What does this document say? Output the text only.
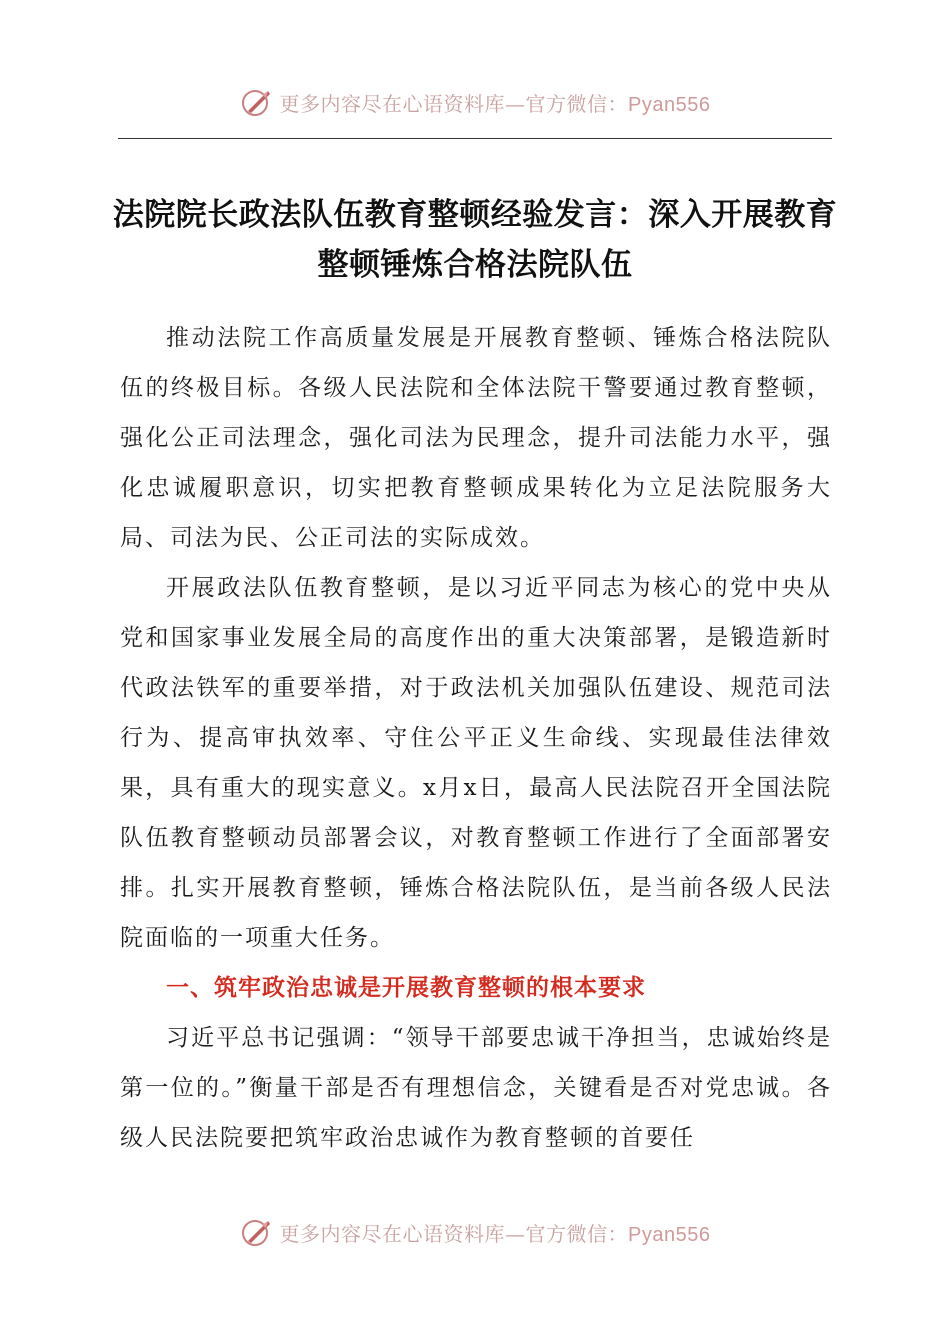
更多内容尽在心语资料库—官方微信：Pyan556
法院院长政法队伍教育整顿经验发言：深入开展教育整顿锤炼合格法院队伍

推动法院工作高质量发展是开展教育整顿、锤炼合格法院队伍的终极目标。各级人民法院和全体法院干警要通过教育整顿，强化公正司法理念，强化司法为民理念，提升司法能力水平，强化忠诚履职意识，切实把教育整顿成果转化为立足法院服务大局、司法为民、公正司法的实际成效。

开展政法队伍教育整顿，是以习近平同志为核心的党中央从党和国家事业发展全局的高度作出的重大决策部署，是锻造新时代政法铁军的重要举措，对于政法机关加强队伍建设、规范司法行为、提高审执效率、守住公平正义生命线、实现最佳法律效果，具有重大的现实意义。x月x日，最高人民法院召开全国法院队伍教育整顿动员部署会议，对教育整顿工作进行了全面部署安排。扎实开展教育整顿，锤炼合格法院队伍，是当前各级人民法院面临的一项重大任务。

一、筑牢政治忠诚是开展教育整顿的根本要求

习近平总书记强调：“领导干部要忠诚干净担当，忠诚始终是第一位的。”衡量干部是否有理想信念，关键看是否对党忠诚。各级人民法院要把筑牢政治忠诚作为教育整顿的首要任

更多内容尽在心语资料库—官方微信：Pyan556
